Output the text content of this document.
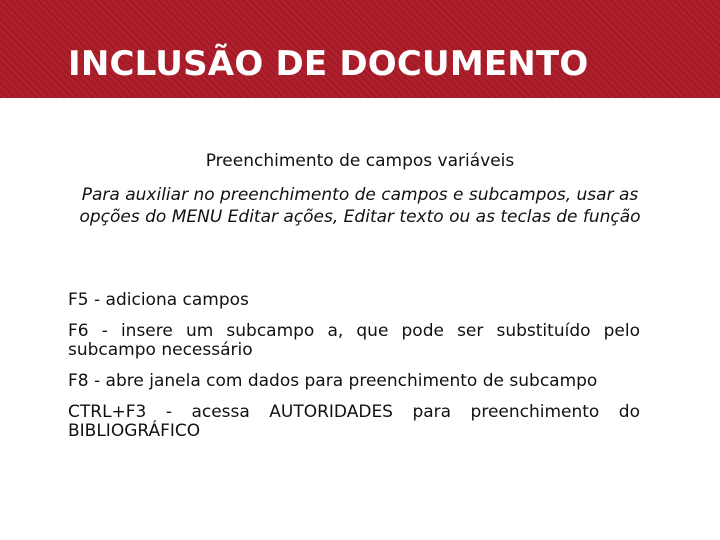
INCLUSÃO DE DOCUMENTO

Preenchimento de campos variáveis

Para auxiliar no preenchimento de campos e subcampos, usar as opções do MENU Editar ações, Editar texto ou as teclas de função

F5 - adiciona campos
F6 - insere um subcampo a, que pode ser substituído pelo subcampo necessário
F8 - abre janela com dados para preenchimento de subcampo
CTRL+F3 - acessa AUTORIDADES para preenchimento do BIBLIOGRÁFICO
